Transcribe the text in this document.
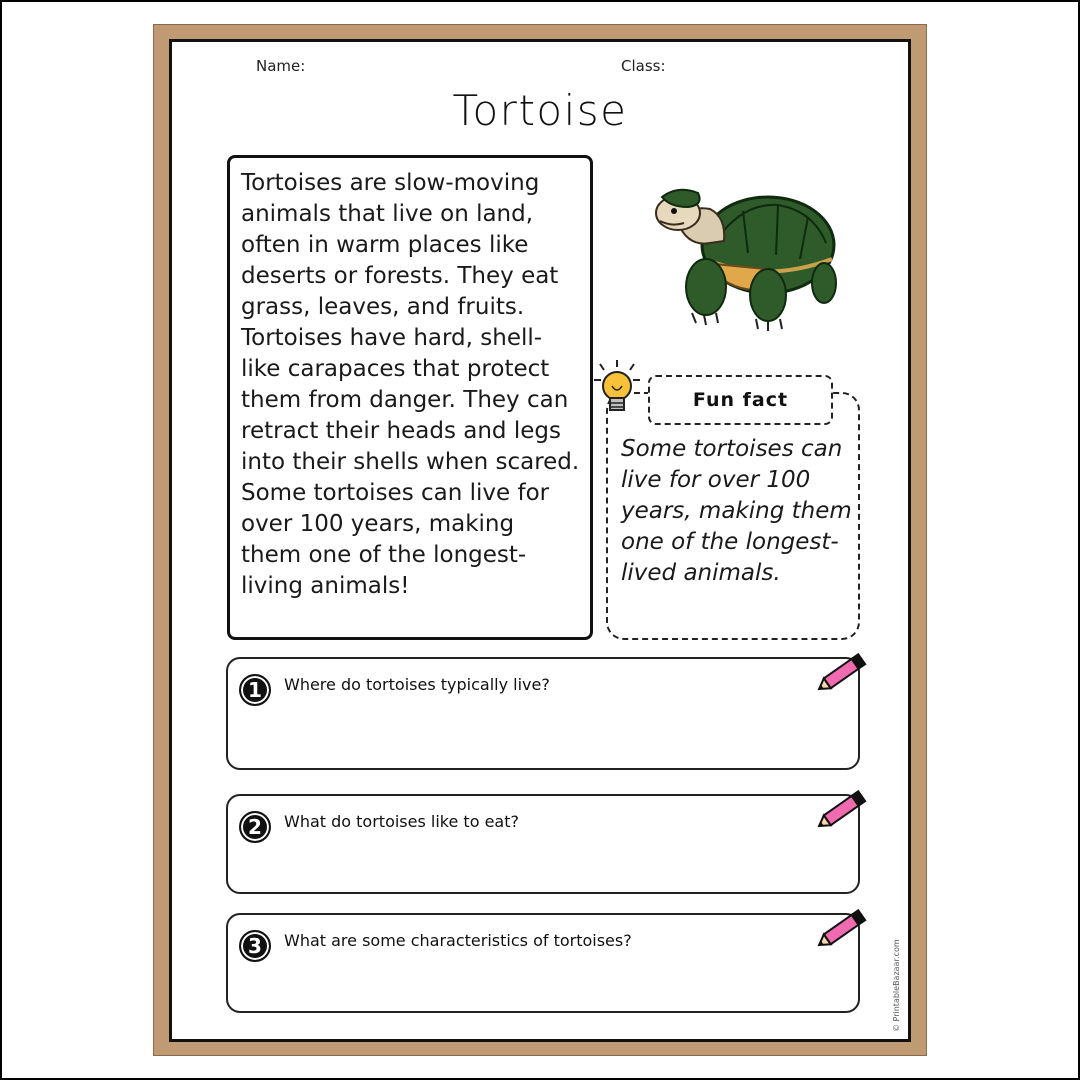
Name:	Class:
Tortoise

Tortoises are slow-moving animals that live on land, often in warm places like deserts or forests. They eat grass, leaves, and fruits. Tortoises have hard, shell-like carapaces that protect them from danger. They can retract their heads and legs into their shells when scared. Some tortoises can live for over 100 years, making them one of the longest-living animals!

Fun fact

Some tortoises can live for over 100 years, making them one of the longest-lived animals.

1	Where do tortoises typically live?
2	What do tortoises like to eat?
3	What are some characteristics of tortoises?	© PrintableBazaar.com
